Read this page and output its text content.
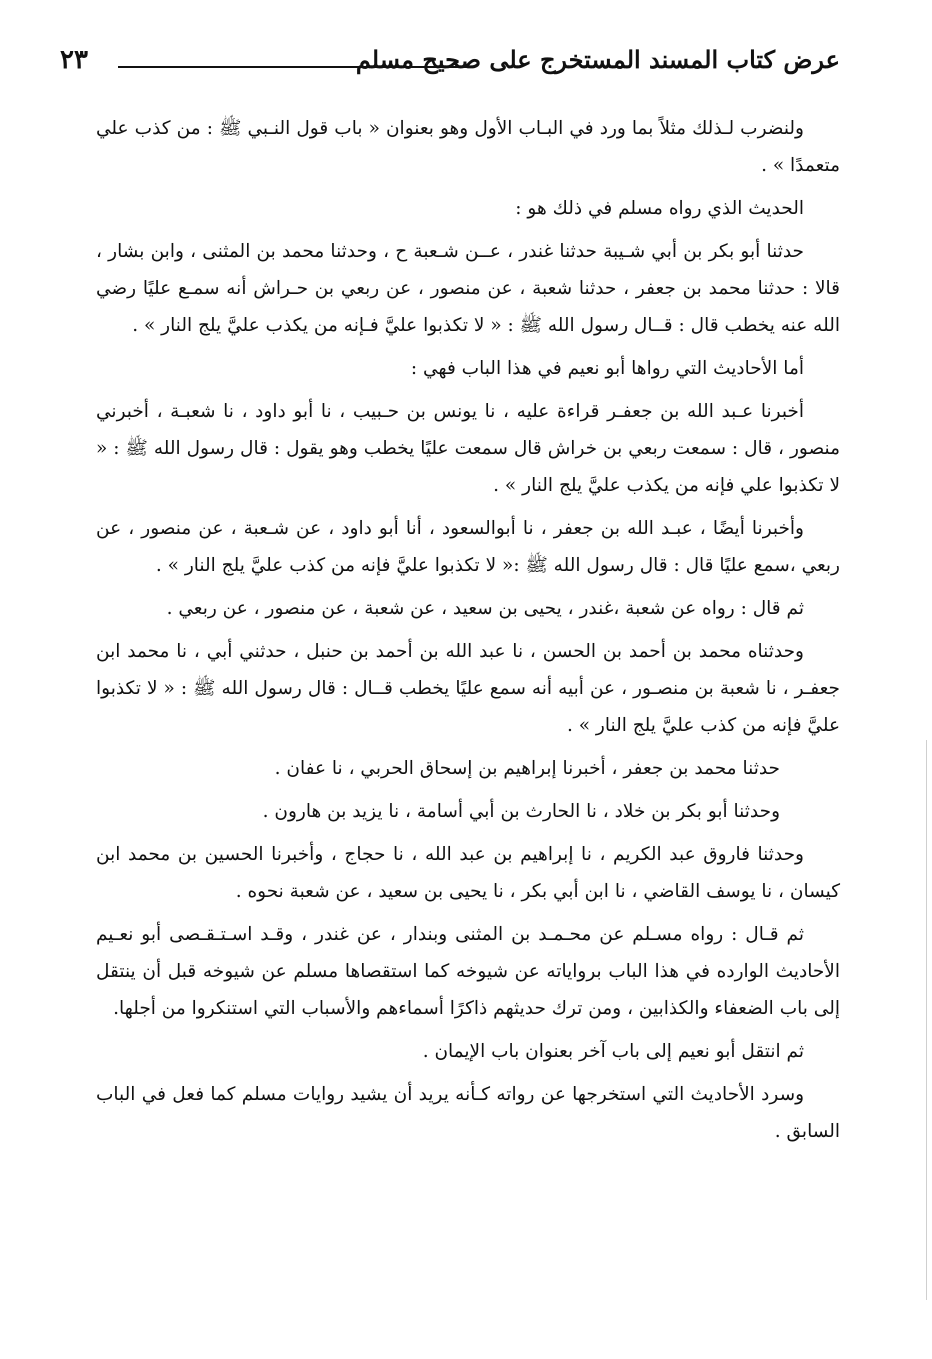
عرض كتاب المسند المستخرج على صحيح مسلم
٢٣

ولنضرب لـذلك مثلاً بما ورد في البـاب الأول وهو بعنوان « باب قول النـبي ﷺ : من كذب علي متعمدًا » .

الحديث الذي رواه مسلم في ذلك هو :

حدثنا أبو بكر بن أبي شـيبة حدثنا غندر ، عــن شـعبة ح ، وحدثنا محمد بن المثنى ، وابن بشار ، قالا : حدثنا محمد بن جعفر ، حدثنا شعبة ، عن منصور ، عن ربعي بن حـراش أنه سمـع عليًا رضي الله عنه يخطب قال : قــال رسول الله ﷺ : « لا تكذبوا عليَّ فـإنه من يكذب عليَّ يلج النار » .

أما الأحاديث التي رواها أبو نعيم في هذا الباب فهي :

أخبرنا عـبد الله بن جعفـر قراءة عليه ، نا يونس بن حـبيب ، نا أبو داود ، نا شعبـة ، أخبرني منصور ، قال : سمعت ربعي بن خراش قال سمعت عليًا يخطب وهو يقول : قال رسول الله ﷺ : « لا تكذبوا علي فإنه من يكذب عليَّ يلج النار » .

وأخبرنا أيضًا ، عبـد الله بن جعفر ، نا أبوالسعود ، أنا أبو داود ، عن شـعبة ، عن منصور ، عن ربعي ،سمع عليًا قال : قال رسول الله ﷺ :« لا تكذبوا عليَّ فإنه من كذب عليَّ يلج النار » .

ثم قال : رواه عن شعبة ،غندر ، يحيى بن سعيد ، عن شعبة ، عن منصور ، عن ربعي .

وحدثناه محمد بن أحمد بن الحسن ، نا عبد الله بن أحمد بن حنبل ، حدثني أبي ، نا محمد ابن جعفـر ، نا شعبة بن منصـور ، عن أبيه أنه سمع عليًا يخطب قــال : قال رسول الله ﷺ : « لا تكذبوا عليَّ فإنه من كذب عليَّ يلج النار » .

حدثنا محمد بن جعفر ، أخبرنا إبراهيم بن إسحاق الحربي ، نا عفان .

وحدثنا أبو بكر بن خلاد ، نا الحارث بن أبي أسامة ، نا يزيد بن هارون .

وحدثنا فاروق عبد الكريم ، نا إبراهيم بن عبد الله ، نا حجاج ، وأخبرنا الحسين بن محمد ابن كيسان ، نا يوسف القاضي ، نا ابن أبي بكر ، نا يحيى بن سعيد ، عن شعبة نحوه .

ثم قـال : رواه مسـلم عن محـمـد بن المثنى وبندار ، عن غندر ، وقـد اسـتـقـصى أبو نعـيم الأحاديث الوارده في هذا الباب برواياته عن شيوخه كما استقصاها مسلم عن شيوخه قبل أن ينتقل إلى باب الضعفاء والكذابين ، ومن ترك حديثهم ذاكرًا أسماءهم والأسباب التي استنكروا من أجلها.

ثم انتقل أبو نعيم إلى باب آخر بعنوان باب الإيمان .

وسرد الأحاديث التي استخرجها عن رواته كـأنه يريد أن يشيد روايات مسلم كما فعل في الباب السابق .
